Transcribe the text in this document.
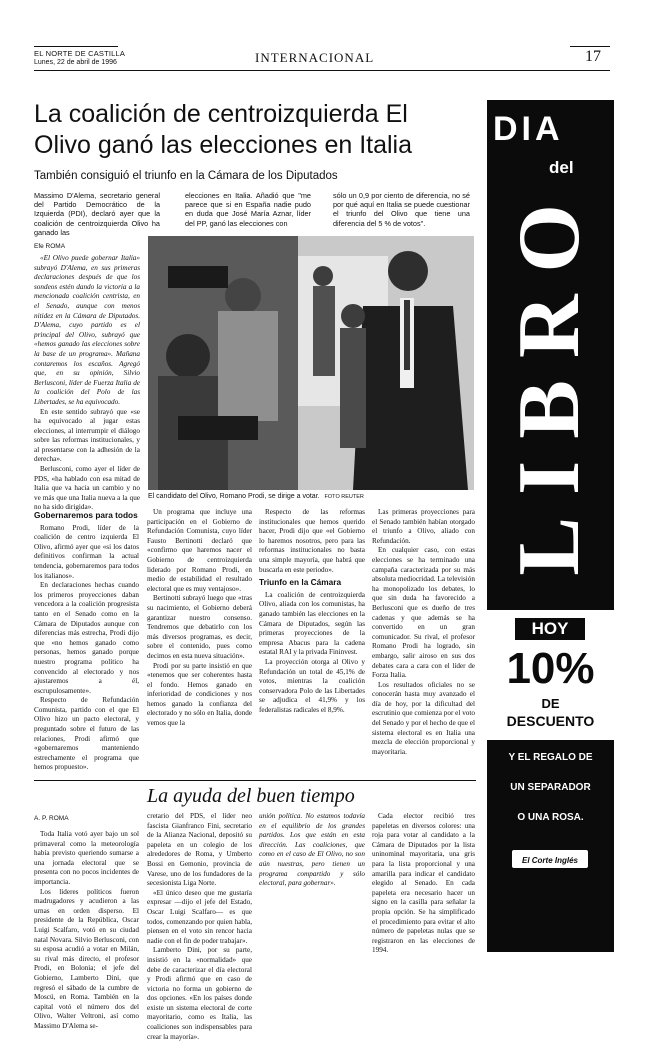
EL NORTE DE CASTILLA
Lunes, 22 de abril de 1996	INTERNACIONAL	17
La coalición de centroizquierda El
Olivo ganó las elecciones en Italia
También consiguió el triunfo en la Cámara de los Diputados
Massimo D'Alema, secretario general del Partido Democrático de la Izquierda (PDI), declaró ayer que la coalición de centroizquierda Olivo ha ganado las
elecciones en Italia. Añadió que "me parece que si en España nadie pudo en duda que José María Aznar, líder del PP, ganó las elecciones con
sólo un 0,9 por ciento de diferencia, no sé por qué aquí en Italia se puede cuestionar el triunfo del Olivo que tiene una diferencia del 5 % de votos".
Efe ROMA

«El Olivo puede gobernar Italia» subrayó D'Alema, en sus primeras declaraciones después de que los sondeos estén dando la victoria a la mencionada coalición centrista, en el Senado, aunque con menos nitidez en la Cámara de Diputados. D'Alema, cuyo partido es el principal del Olivo, subrayó que «hemos ganado las elecciones sobre la base de un programa». Mañana contaremos los escaños. Agregó que, en su opinión, Silvio Berlusconi, líder de Fuerza Italia de la coalición del Polo de las Libertades, se ha equivocado.

En este sentido subrayó que «se ha equivocado al jugar estas elecciones, al interrumpir el diálogo sobre las reformas institucionales, y al presentarse con la adhesión de la derecha».

Berlusconi, como ayer el líder de PDS, «ha hablado con esa mitad de Italia que va hacia un cambio y no ve más que una Italia nueva a la que no ha sido dirigida».

El candidato del Olivo, Romano Prodi, se dirige a votar. FOTO REUTER
Gobernaremos para todos

Romano Prodi, líder de la coalición de centro izquierda El Olivo, afirmó ayer que «si los datos definitivos confirman la actual tendencia, gobernaremos para todos los italianos».

En declaraciones hechas cuando los primeros proyecciones daban vencedora a la coalición progresista tanto en el Senado como en la Cámara de Diputados aunque con diferencias más estrecha, Prodi dijo que «no hemos ganado como personas, hemos ganado porque nuestro programa político ha convencido al electorado y nos ajustaremos a él, escrupulosamente».

Respecto de Refundación Comunista, partido con el que El Olivo hizo un pacto electoral, y preguntado sobre el futuro de las relaciones, Prodi afirmó que «gobernaremos manteniendo estrechamente el programa que hemos propuesto».

Un programa que incluye una participación en el Gobierno de Refundación Comunista, cuyo líder Fausto Bertinotti declaró que «confirmo que haremos nacer el Gobierno de centroizquierda liderado por Romano Prodi, en medio de estabilidad el resultado electoral que es muy ventajoso».

Bertinotti subrayó luego que «tras su nacimiento, el Gobierno deberá garantizar nuestro consenso. Tendremos que debatirlo con los más diversos programas, es decir, sobre el contenido, pues como decimos en esta nueva situación».

Prodi por su parte insistió en que «tenemos que ser coherentes hasta el fondo. Hemos ganado en inferioridad de condiciones y nos hemos ganado la confianza del electorado y no sólo en Italia, donde vemos que la

Respecto de las reformas institucionales que hemos querido hacer, Prodi dijo que «el Gobierno lo haremos nosotros, pero para las reformas institucionales no basta una simple mayoría, que habrá que buscarla en este periodo».

Triunfo en la Cámara

La coalición de centroizquierda Olivo, aliada con los comunistas, ha ganado también las elecciones en la Cámara de Diputados, según las primeras proyecciones de la empresa Abacus para la cadena estatal RAI y la privada Fininvest.

La proyección otorga al Olivo y Refundación un total de 45,1% de votos, mientras la coalición conservadora Polo de las Libertades se adjudica el 41,9% y los federalistas radicales el 8,9%.

Las primeras proyecciones para el Senado también habían otorgado el triunfo a Olivo, aliado con Refundación.

En cualquier caso, con estas elecciones se ha terminado una campaña caracterizada por su más absoluta mediocridad. La televisión ha monopolizado los debates, lo que sin duda ha favorecido a Berlusconi que es dueño de tres cadenas y que además se ha convertido en un gran comunicador. Su rival, el profesor Romano Prodi ha logrado, sin embargo, salir airoso en sus dos debates cara a cara con el líder de Forza Italia.

Los resultados oficiales no se conocerán hasta muy avanzado el día de hoy, por la dificultad del escrutinio que comienza por el voto del Senado y por el hecho de que el sistema electoral es en Italia una mezcla de elección proporcional y mayoritaria.

La ayuda del buen tiempo
A. P. ROMA

Toda Italia votó ayer bajo un sol primaveral como la meteorología había previsto queriendo sumarse a una jornada electoral que se presenta con no pocos incidentes de importancia.

Los líderes políticos fueron madrugadores y acudieron a las urnas en orden disperso. El presidente de la República, Oscar Luigi Scalfaro, votó en su ciudad natal Novara. Silvio Berlusconi, con su esposa acudió a votar en Milán, su rival más directo, el profesor Prodi, en Bolonia; el jefe del Gobierno, Lamberto Dini, que regresó el sábado de la cumbre de Moscú, en Roma. También en la capital votó el número dos del Olivo, Walter Veltroni, así como Massimo D'Alema se-

cretario del PDS, el líder neo fascista Gianfranco Fini, secretario de la Alianza Nacional, depositó su papeleta en un colegio de los alrededores de Roma, y Umberto Bossi en Gemonio, provincia de Varese, uno de los fundadores de la secesionista Liga Norte.

«El único deseo que me gustaría expresar —dijo el jefe del Estado, Oscar Luigi Scalfaro— es que todos, comenzando por quien habla, piensen en el voto sin rencor hacia nadie con el fin de poder trabajar».

Lamberto Dini, por su parte, insistió en la «normalidad» que debe de caracterizar el día electoral y Prodi afirmó que en caso de victoria no forma un gobierno de dos opciones. «En los países donde existe un sistema electoral de corte mayoritario, como es Italia, las coaliciones son indispensables para crear la mayoría».

unión política. No estamos todavía en el equilibrio de los grandes partidos. Los que están en esta dirección. Las coaliciones, que como en el caso de El Olivo, no son aún nuestras, pero tienen un programa compartido y sólo electoral, para gobernar».

Cada elector recibió tres papeletas en diversos colores: una roja para votar al candidato a la Cámara de Diputados por la lista uninominal mayoritaria, una gris para la lista proporcional y una amarilla para indicar el candidato elegido al Senado. En cada papeleta era necesario hacer un signo en la casilla para señalar la propia opción. Se ha simplificado el procedimiento para evitar el alto número de papeletas nulas que se registraron en las elecciones de 1994.

DIA
del
LIBRO
HOY
10%
DE
DESCUENTO
Y EL REGALO DE
UN SEPARADOR
O UNA ROSA.
El Corte Inglés
